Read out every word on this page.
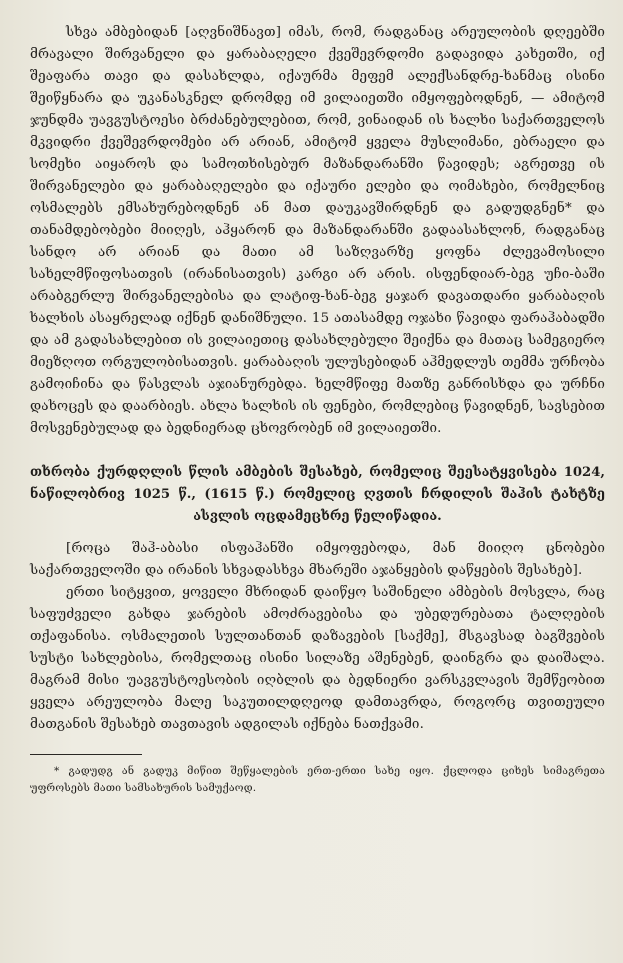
სხვა ამბებიდან [აღვნიშნავთ] იმას, რომ, რადგანაც არეულობის დღეებში მრავალი შირვანელი და ყარაბაღელი ქვეშევრდომი გადავიდა კახეთში, იქ შეაფარა თავი და დასახლდა, იქაურმა მეფემ ალექსანდრე-ხანმაც ისინი შეიწყნარა და უკანასკნელ დრომდე იმ ვილაიეთში იმყოფებოდნენ, — ამიტომ ჯუნდმა უავგუსტოესი ბრძანებულებით, რომ, ვინაიდან ის ხალხი საქართველოს მკვიდრი ქვეშევრდომები არ არიან, ამიტომ ყველა მუსლიმანი, ებრაელი და სომეხი აიყაროს და სამოთხისებურ მაზანდარანში წავიდეს; აგრეთვე ის შირვანელები და ყარაბაღელები და იქაური ელები და ოიმახები, რომელნიც ოსმალებს ემსახურებოდნენ ან მათ დაუკავშირდნენ და გადუდგნენ* და თანამდებობები მიიღეს, აჰყარონ და მაზანდარანში გადაასახლონ, რადგანაც სანდო არ არიან და მათი ამ საზღვარზე ყოფნა ძლევამოსილი სახელმწიფოსათვის (ირანისათვის) კარგი არ არის. ისფენდიარ-ბეგ უჩი-ბაში არაბგერლუ შირვანელებისა და ლატიფ-ხან-ბეგ ყაჯარ დავათდარი ყარაბაღის ხალხის ასაყრელად იქნენ დანიშნული. 15 ათასამდე ოჯახი წავიდა ფარაჰაბადში და ამ გადასახლებით ის ვილაიეთიც დასახლებული შეიქნა და მათაც სამეგიერო მიეზღოთ ორგულობისათვის. ყარაბაღის ულუსებიდან აჰმედლუს თემმა ურჩობა გამოიჩინა და წასვლას აჯიანურებდა. ხელმწიფე მათზე განრისხდა და ურჩნი დახოცეს და დაარბიეს. ახლა ხალხის ის ფენები, რომლებიც წავიდნენ, სავსებით მოსვენებულად და ბედნიერად ცხოვრობენ იმ ვილაიეთში.

თხრობა ქურდღლის წლის ამბების შესახებ, რომელიც შეესატყვისება 1024, ნაწილობრივ 1025 წ., (1615 წ.) რომელიც ღვთის ჩრდილის შაჰის ტახტზე ასვლის ოცდამეცხრე წელიწადია.

[როცა შაჰ-აბასი ისფაჰანში იმყოფებოდა, მან მიიღო ცნობები საქართველოში და ირანის სხვადასხვა მხარეში აჯანყების დაწყების შესახებ].

ერთი სიტყვით, ყოველი მხრიდან დაიწყო საშინელი ამბების მოსვლა, რაც საფუძველი გახდა ჯარების ამოძრავებისა და უბედურებათა ტალღების თქაფანისა. ოსმალეთის სულთანთან დაზავების [საქმე], მსგავსად ბაგშვების სუსტი სახლებისა, რომელთაც ისინი სილაზე აშენებენ, დაინგრა და დაიშალა. მაგრამ მისი უავგუსტოესობის იღბლის და ბედნიერი ვარსკვლავის შემწეობით ყველა არეულობა მალე საკუთილდღეოდ დამთავრდა, როგორც თვითეული მათგანის შესახებ თავთავის ადგილას იქნება ნათქვამი.

* გადუდგ ან გადუკ მიწით შეწყალების ერთ-ერთი სახე იყო. ქცლოდა ციხეს სიმაგრეთა უფროსებს მათი სამსახურის სამუქაოდ.
